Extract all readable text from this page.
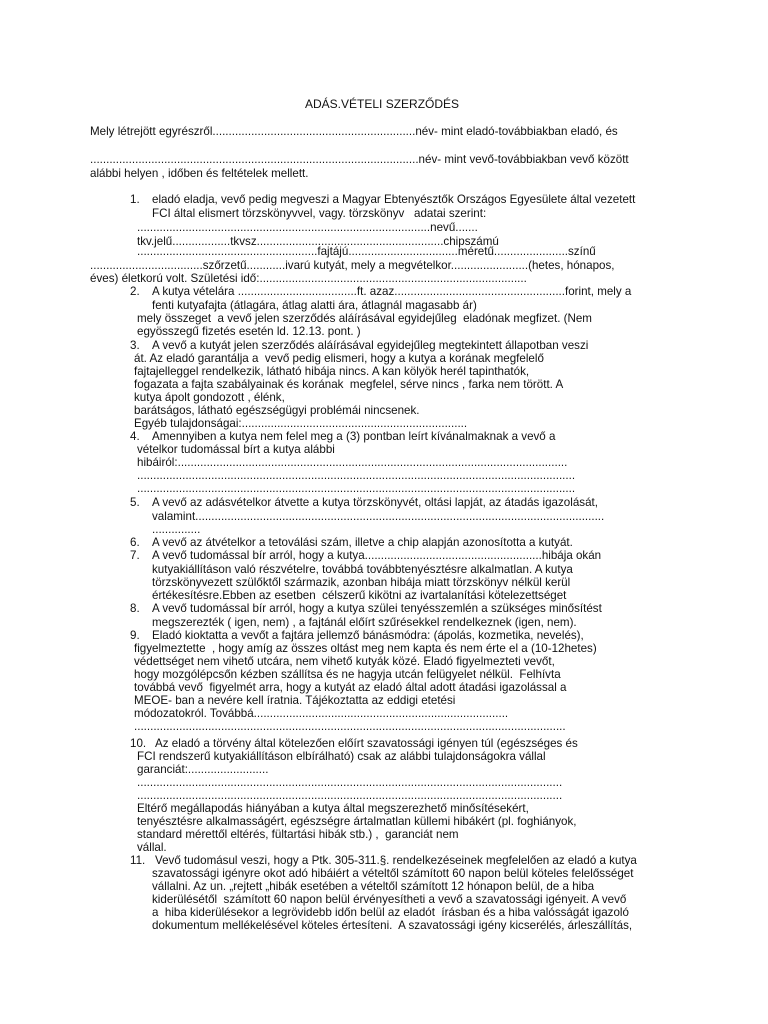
ADÁS.VÉTELI SZERZŐDÉS
Mely létrejött egyrészről...............................................................név- mint eladó-továbbiakban eladó, és
......................................................................................................név- mint vevő-továbbiakban vevő között
alábbi helyen , időben és feltételek mellett.
1. eladó eladja, vevő pedig megveszi a Magyar Ebtenyésztők Országos Egyesülete által vezetett
FCI által elismert törzskönyvvel, vagy. törzskönyv   adatai szerint:
...........................................................................................nevű.......
tkv.jelű..................tkvsz..........................................................chipszámú
........................................................fajtájú..................................méretű.......................színű
...................................szőrzetű............ivarú kutyát, mely a megvételkor........................(hetes, hónapos,
éves) életkorú volt. Születési idő:...................................................................................
2. A kutya vételára .....................................ft. azaz.....................................................forint, mely a
fenti kutyafajta (átlagára, átlag alatti ára, átlagnál magasabb ár)
mely összeget  a vevő jelen szerződés aláírásával egyidejűleg  eladónak megfizet. (Nem
egyösszegű fizetés esetén ld. 12.13. pont. )
3. A vevő a kutyát jelen szerződés aláírásával egyidejűleg megtekintett állapotban veszi
át. Az eladó garantálja a  vevő pedig elismeri, hogy a kutya a korának megfelelő
fajtajelleggel rendelkezik, látható hibája nincs. A kan kölyök herél tapinthatók,
fogazata a fajta szabályainak és korának  megfelel, sérve nincs , farka nem törött. A
kutya ápolt gondozott , élénk,
barátságos, látható egészségügyi problémái nincsenek.
Egyéb tulajdonságai:......................................................................
4. Amennyiben a kutya nem felel meg a (3) pontban leírt kívánalmaknak a vevő a
vételkor tudomással bírt a kutya alábbi
hibáiról:.........................................................................................................................
........................................................................................................................................
........................................................................................................................................
5. A vevő az adásvételkor átvette a kutya törzskönyvét, oltási lapját, az átadás igazolását,
valamint...............................................................................................................................
...............
6. A vevő az átvételkor a tetoválási szám, illetve a chip alapján azonosította a kutyát.
7. A vevő tudomással bír arról, hogy a kutya.......................................................hibája okán
kutyakiállításon való részvételre, továbbá továbbtenyésztésre alkalmatlan. A kutya
törzskönyvezett szülőktől származik, azonban hibája miatt törzskönyv nélkül kerül
értékesítésre.Ebben az esetben  célszerű kikötni az ivartalanítási kötelezettséget
8. A vevő tudomással bír arról, hogy a kutya szülei tenyésszemlén a szükséges minősítést
megszerezték ( igen, nem) , a fajtánál előírt szűrésekkel rendelkeznek (igen, nem).
9. Eladó kioktatta a vevőt a fajtára jellemző bánásmódra: (ápolás, kozmetika, nevelés),
figyelmeztette  , hogy amíg az összes oltást meg nem kapta és nem érte el a (10-12hetes)
védettséget nem vihető utcára, nem vihető kutyák közé. Eladó figyelmezteti vevőt,
hogy mozgólépcsőn kézben szállítsa és ne hagyja utcán felügyelet nélkül.  Felhívta
továbbá vevő  figyelmét arra, hogy a kutyát az eladó által adott átadási igazolással a
MEOE- ban a nevére kell íratnia. Tájékoztatta az eddigi etetési
módozatokról. Továbbá...............................................................................
......................................................................................................................................
10. Az eladó a törvény által kötelezően előírt szavatossági igényen túl (egészséges és
FCI rendszerű kutyakiállításon elbírálható) csak az alábbi tulajdonságokra vállal
garanciát:.........................
....................................................................................................................................
....................................................................................................................................
Eltérő megállapodás hiányában a kutya által megszerezhető minősítésekért,
tenyésztésre alkalmasságért, egészségre ártalmatlan küllemi hibákért (pl. foghiányok,
standard mérettől eltérés, fültartási hibák stb.) ,  garanciát nem
vállal.
11. Vevő tudomásul veszi, hogy a Ptk. 305-311.§. rendelkezéseinek megfelelően az eladó a kutya
szavatossági igényre okot adó hibáiért a vételtől számított 60 napon belül köteles felelősséget
vállalni. Az un. „rejtett „hibák esetében a vételtől számított 12 hónapon belül, de a hiba
kiderülésétől  számított 60 napon belül érvényesítheti a vevő a szavatossági igényeit. A vevő
a  hiba kiderülésekor a legrövidebb időn belül az eladót  írásban és a hiba valósságát igazoló
dokumentum mellékelésével köteles értesíteni.  A szavatossági igény kicserélés, árleszállítás,
